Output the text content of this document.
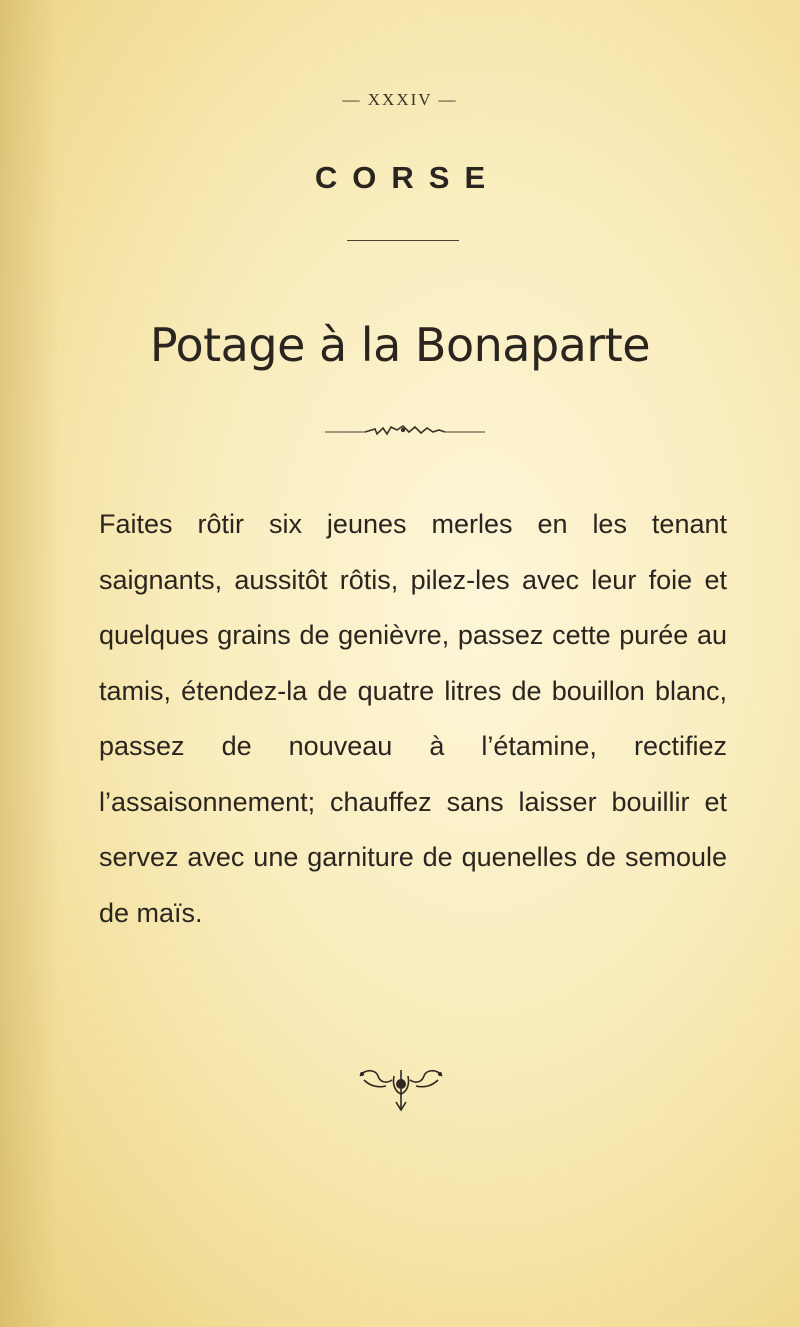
— XXXIV —
CORSE
Potage à la Bonaparte

Faites rôtir six jeunes merles en les tenant saignants, aussitôt rôtis, pilez-les avec leur foie et quelques grains de genièvre, passez cette purée au tamis, étendez-la de quatre litres de bouillon blanc, passez de nouveau à l’étamine, rectifiez l’assaisonnement; chauffez sans laisser bouillir et servez avec une garniture de quenelles de semoule de maïs.
